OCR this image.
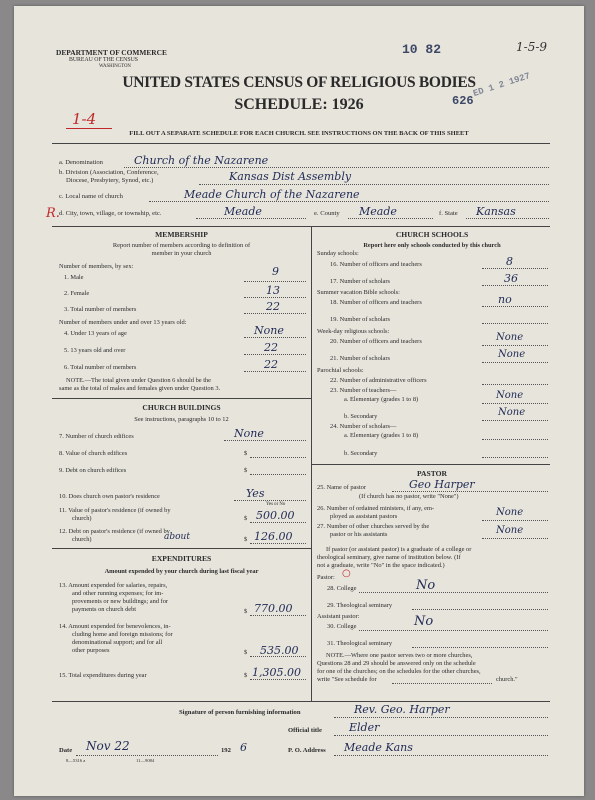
10 82	1-5-9
626
ED 1 2 1927
DEPARTMENT OF COMMERCE
BUREAU OF THE CENSUS
WASHINGTON
UNITED STATES CENSUS OF RELIGIOUS BODIES
SCHEDULE: 1926
1-4
FILL OUT A SEPARATE SCHEDULE FOR EACH CHURCH. SEE INSTRUCTIONS ON THE BACK OF THIS SHEET
a. Denomination	Church of the Nazarene
b. Division (Association, Conference,
Diocese, Presbytery, Synod, etc.)	Kansas Dist Assembly
R.
c. Local name of church	Meade Church of the Nazarene
d. City, town, village, or township, etc.	Meade	e. County Meade	f. State Kansas
MEMBERSHIP
Report number of members according to definition of
member in your church
Number of members, by sex:
1. Male	9
2. Female	13
3. Total number of members	22
Number of members under and over 13 years old:
4. Under 13 years of age	None
5. 13 years old and over	22
6. Total number of members	22
NOTE.—The total given under Question 6 should be the
same as the total of males and females given under Question 3.
CHURCH BUILDINGS
See instructions, paragraphs 10 to 12
7. Number of church edifices	None
8. Value of church edifices	$
9. Debt on church edifices	$
10. Does church own pastor's residence	Yes
Yes or No
11. Value of pastor's residence (if owned by
church)	$ 500.00
12. Debt on pastor's residence (if owned by
church)	about	$ 126.00
EXPENDITURES
Amount expended by your church during last fiscal year
13. Amount expended for salaries, repairs,
and other running expenses; for im-
provements or new buildings; and for
payments on church debt	$ 770.00
14. Amount expended for benevolences, in-
cluding home and foreign missions; for
denominational support; and for all
other purposes	$ 535.00
15. Total expenditures during year	$ 1,305.00
CHURCH SCHOOLS
Report here only schools conducted by this church
Sunday schools:
16. Number of officers and teachers	8
17. Number of scholars	36
Summer vacation Bible schools:
18. Number of officers and teachers	no
19. Number of scholars
Week-day religious schools:
20. Number of officers and teachers	None
21. Number of scholars	None
Parochial schools:
22. Number of administrative officers
23. Number of teachers—
a. Elementary (grades 1 to 8)	None
b. Secondary	None
24. Number of scholars—
a. Elementary (grades 1 to 8)
b. Secondary
PASTOR
25. Name of pastor	Geo Harper
(If church has no pastor, write "None")
26. Number of ordained ministers, if any, em-
ployed as assistant pastors	None
27. Number of other churches served by the
pastor or his assistants	None
If pastor (or assistant pastor) is a graduate of a college or
theological seminary, give name of institution below. (If
not a graduate, write "No" in the space indicated.)
Pastor: ○
28. College	No
29. Theological seminary
Assistant pastor:
30. College	No
31. Theological seminary
NOTE.—Where one pastor serves two or more churches,
Questions 28 and 29 should be answered only on the schedule
for one of the churches; on the schedules for the other churches,
write "See schedule for	church."
Signature of person furnishing information	Rev. Geo. Harper
Official title Elder
Date Nov 22	192 6	P. O. Address Meade Kans
8—5316 a	11—9084
